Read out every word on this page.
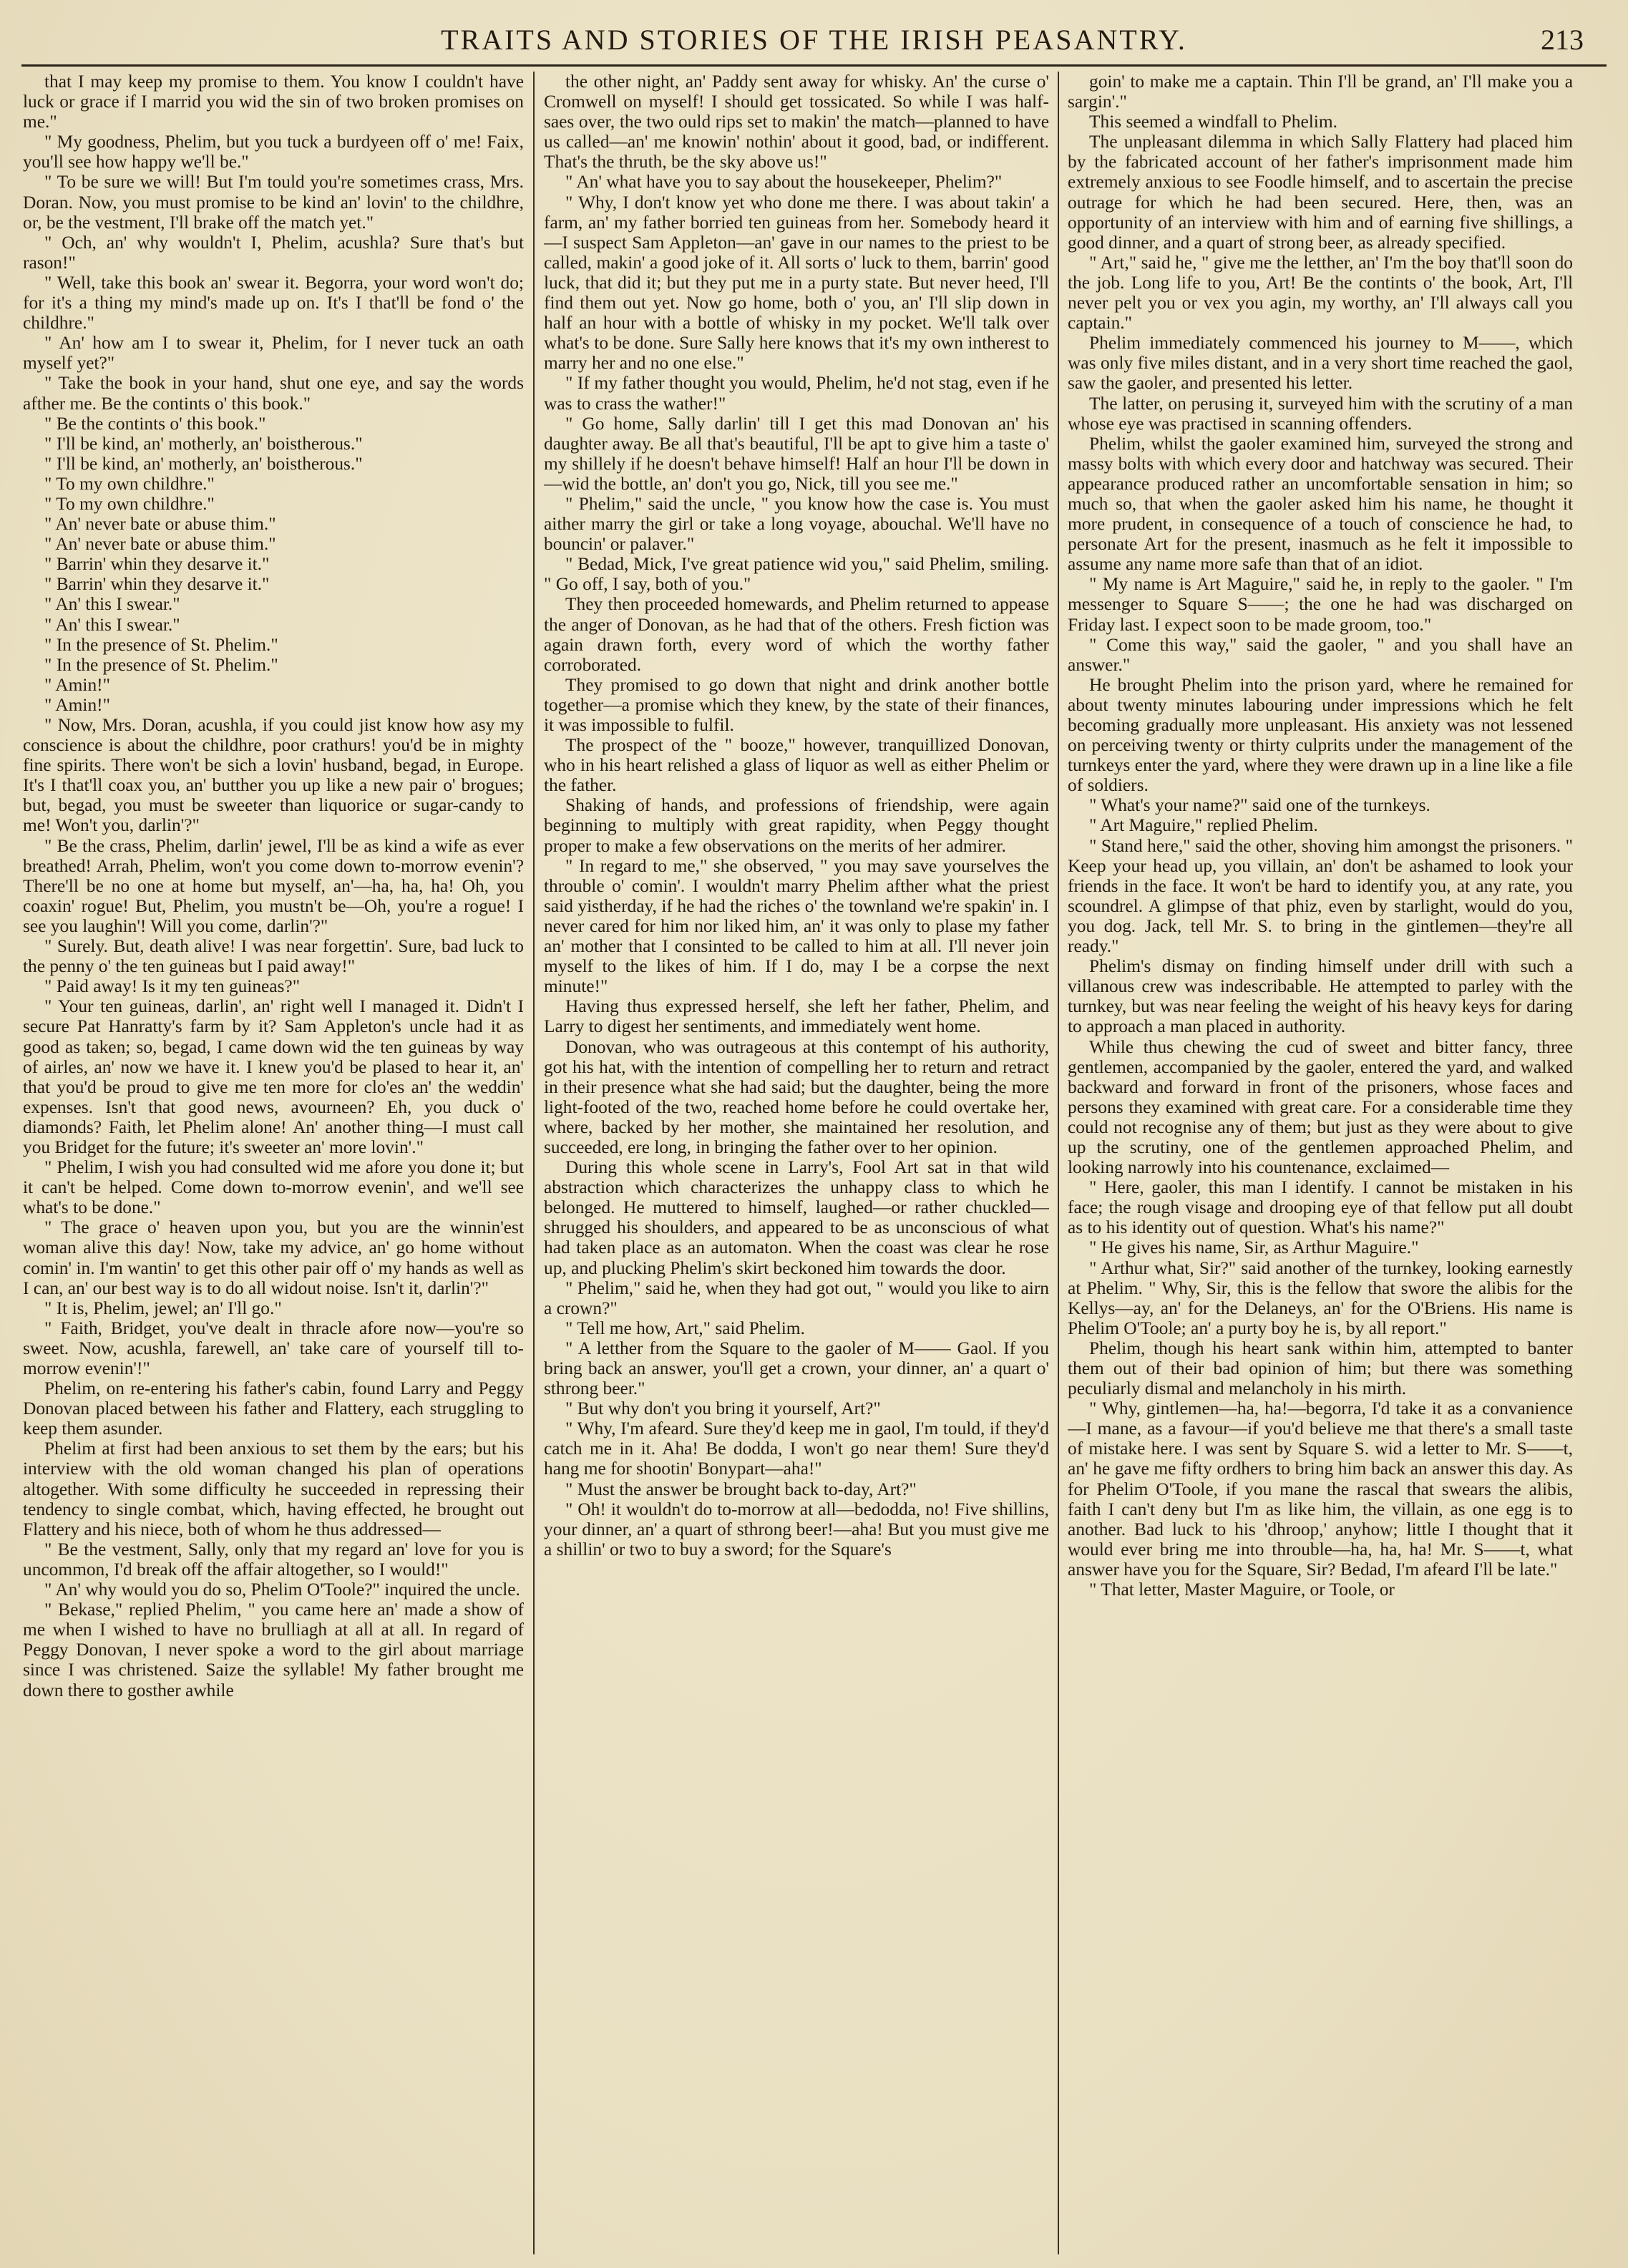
TRAITS AND STORIES OF THE IRISH PEASANTRY.	213

that I may keep my promise to them. You know I couldn't have luck or grace if I marrid you wid the sin of two broken promises on me."

" My goodness, Phelim, but you tuck a burdyeen off o' me! Faix, you'll see how happy we'll be."

" To be sure we will! But I'm tould you're sometimes crass, Mrs. Doran. Now, you must promise to be kind an' lovin' to the childhre, or, be the vestment, I'll brake off the match yet."

" Och, an' why wouldn't I, Phelim, acushla? Sure that's but rason!"

" Well, take this book an' swear it. Begorra, your word won't do; for it's a thing my mind's made up on. It's I that'll be fond o' the childhre."

" An' how am I to swear it, Phelim, for I never tuck an oath myself yet?"

" Take the book in your hand, shut one eye, and say the words afther me. Be the contints o' this book."

" Be the contints o' this book."

" I'll be kind, an' motherly, an' boistherous."

" I'll be kind, an' motherly, an' boistherous."

" To my own childhre."

" To my own childhre."

" An' never bate or abuse thim."

" An' never bate or abuse thim."

" Barrin' whin they desarve it."

" Barrin' whin they desarve it."

" An' this I swear."

" An' this I swear."

" In the presence of St. Phelim."

" In the presence of St. Phelim."

" Amin!"

" Amin!"

" Now, Mrs. Doran, acushla, if you could jist know how asy my conscience is about the childhre, poor crathurs! you'd be in mighty fine spirits. There won't be sich a lovin' husband, begad, in Europe. It's I that'll coax you, an' butther you up like a new pair o' brogues; but, begad, you must be sweeter than liquorice or sugar-candy to me! Won't you, darlin'?"

" Be the crass, Phelim, darlin' jewel, I'll be as kind a wife as ever breathed! Arrah, Phelim, won't you come down to-morrow evenin'? There'll be no one at home but myself, an'—ha, ha, ha! Oh, you coaxin' rogue! But, Phelim, you mustn't be—Oh, you're a rogue! I see you laughin'! Will you come, darlin'?"

" Surely. But, death alive! I was near forgettin'. Sure, bad luck to the penny o' the ten guineas but I paid away!"

" Paid away! Is it my ten guineas?"

" Your ten guineas, darlin', an' right well I managed it. Didn't I secure Pat Hanratty's farm by it? Sam Appleton's uncle had it as good as taken; so, begad, I came down wid the ten guineas by way of airles, an' now we have it. I knew you'd be plased to hear it, an' that you'd be proud to give me ten more for clo'es an' the weddin' expenses. Isn't that good news, avourneen? Eh, you duck o' diamonds? Faith, let Phelim alone! An' another thing—I must call you Bridget for the future; it's sweeter an' more lovin'."

" Phelim, I wish you had consulted wid me afore you done it; but it can't be helped. Come down to-morrow evenin', and we'll see what's to be done."

" The grace o' heaven upon you, but you are the winnin'est woman alive this day! Now, take my advice, an' go home without comin' in. I'm wantin' to get this other pair off o' my hands as well as I can, an' our best way is to do all widout noise. Isn't it, darlin'?"

" It is, Phelim, jewel; an' I'll go."

" Faith, Bridget, you've dealt in thracle afore now—you're so sweet. Now, acushla, farewell, an' take care of yourself till to-morrow evenin'!"

Phelim, on re-entering his father's cabin, found Larry and Peggy Donovan placed between his father and Flattery, each struggling to keep them asunder.

Phelim at first had been anxious to set them by the ears; but his interview with the old woman changed his plan of operations altogether. With some difficulty he succeeded in repressing their tendency to single combat, which, having effected, he brought out Flattery and his niece, both of whom he thus addressed—

" Be the vestment, Sally, only that my regard an' love for you is uncommon, I'd break off the affair altogether, so I would!"

" An' why would you do so, Phelim O'Toole?" inquired the uncle.

" Bekase," replied Phelim, " you came here an' made a show of me when I wished to have no brulliagh at all at all. In regard of Peggy Donovan, I never spoke a word to the girl about marriage since I was christened. Saize the syllable! My father brought me down there to gosther awhile

the other night, an' Paddy sent away for whisky. An' the curse o' Cromwell on myself! I should get tossicated. So while I was half-saes over, the two ould rips set to makin' the match—planned to have us called—an' me knowin' nothin' about it good, bad, or indifferent. That's the thruth, be the sky above us!"

" An' what have you to say about the housekeeper, Phelim?"

" Why, I don't know yet who done me there. I was about takin' a farm, an' my father borried ten guineas from her. Somebody heard it—I suspect Sam Appleton—an' gave in our names to the priest to be called, makin' a good joke of it. All sorts o' luck to them, barrin' good luck, that did it; but they put me in a purty state. But never heed, I'll find them out yet. Now go home, both o' you, an' I'll slip down in half an hour with a bottle of whisky in my pocket. We'll talk over what's to be done. Sure Sally here knows that it's my own intherest to marry her and no one else."

" If my father thought you would, Phelim, he'd not stag, even if he was to crass the wather!"

" Go home, Sally darlin' till I get this mad Donovan an' his daughter away. Be all that's beautiful, I'll be apt to give him a taste o' my shillely if he doesn't behave himself! Half an hour I'll be down in—wid the bottle, an' don't you go, Nick, till you see me."

" Phelim," said the uncle, " you know how the case is. You must aither marry the girl or take a long voyage, abouchal. We'll have no bouncin' or palaver."

" Bedad, Mick, I've great patience wid you," said Phelim, smiling. " Go off, I say, both of you."

They then proceeded homewards, and Phelim returned to appease the anger of Donovan, as he had that of the others. Fresh fiction was again drawn forth, every word of which the worthy father corroborated.

They promised to go down that night and drink another bottle together—a promise which they knew, by the state of their finances, it was impossible to fulfil.

The prospect of the " booze," however, tranquillized Donovan, who in his heart relished a glass of liquor as well as either Phelim or the father.

Shaking of hands, and professions of friendship, were again beginning to multiply with great rapidity, when Peggy thought proper to make a few observations on the merits of her admirer.

" In regard to me," she observed, " you may save yourselves the throuble o' comin'. I wouldn't marry Phelim afther what the priest said yistherday, if he had the riches o' the townland we're spakin' in. I never cared for him nor liked him, an' it was only to plase my father an' mother that I consinted to be called to him at all. I'll never join myself to the likes of him. If I do, may I be a corpse the next minute!"

Having thus expressed herself, she left her father, Phelim, and Larry to digest her sentiments, and immediately went home.

Donovan, who was outrageous at this contempt of his authority, got his hat, with the intention of compelling her to return and retract in their presence what she had said; but the daughter, being the more light-footed of the two, reached home before he could overtake her, where, backed by her mother, she maintained her resolution, and succeeded, ere long, in bringing the father over to her opinion.

During this whole scene in Larry's, Fool Art sat in that wild abstraction which characterizes the unhappy class to which he belonged. He muttered to himself, laughed—or rather chuckled—shrugged his shoulders, and appeared to be as unconscious of what had taken place as an automaton. When the coast was clear he rose up, and plucking Phelim's skirt beckoned him towards the door.

" Phelim," said he, when they had got out, " would you like to airn a crown?"

" Tell me how, Art," said Phelim.

" A letther from the Square to the gaoler of M—— Gaol. If you bring back an answer, you'll get a crown, your dinner, an' a quart o' sthrong beer."

" But why don't you bring it yourself, Art?"

" Why, I'm afeard. Sure they'd keep me in gaol, I'm tould, if they'd catch me in it. Aha! Be dodda, I won't go near them! Sure they'd hang me for shootin' Bonypart—aha!"

" Must the answer be brought back to-day, Art?"

" Oh! it wouldn't do to-morrow at all—bedodda, no! Five shillins, your dinner, an' a quart of sthrong beer!—aha! But you must give me a shillin' or two to buy a sword; for the Square's

goin' to make me a captain. Thin I'll be grand, an' I'll make you a sargin'."

This seemed a windfall to Phelim.

The unpleasant dilemma in which Sally Flattery had placed him by the fabricated account of her father's imprisonment made him extremely anxious to see Foodle himself, and to ascertain the precise outrage for which he had been secured. Here, then, was an opportunity of an interview with him and of earning five shillings, a good dinner, and a quart of strong beer, as already specified.

" Art," said he, " give me the letther, an' I'm the boy that'll soon do the job. Long life to you, Art! Be the contints o' the book, Art, I'll never pelt you or vex you agin, my worthy, an' I'll always call you captain."

Phelim immediately commenced his journey to M——, which was only five miles distant, and in a very short time reached the gaol, saw the gaoler, and presented his letter.

The latter, on perusing it, surveyed him with the scrutiny of a man whose eye was practised in scanning offenders.

Phelim, whilst the gaoler examined him, surveyed the strong and massy bolts with which every door and hatchway was secured. Their appearance produced rather an uncomfortable sensation in him; so much so, that when the gaoler asked him his name, he thought it more prudent, in consequence of a touch of conscience he had, to personate Art for the present, inasmuch as he felt it impossible to assume any name more safe than that of an idiot.

" My name is Art Maguire," said he, in reply to the gaoler. " I'm messenger to Square S——; the one he had was discharged on Friday last. I expect soon to be made groom, too."

" Come this way," said the gaoler, " and you shall have an answer."

He brought Phelim into the prison yard, where he remained for about twenty minutes labouring under impressions which he felt becoming gradually more unpleasant. His anxiety was not lessened on perceiving twenty or thirty culprits under the management of the turnkeys enter the yard, where they were drawn up in a line like a file of soldiers.

" What's your name?" said one of the turnkeys.

" Art Maguire," replied Phelim.

" Stand here," said the other, shoving him amongst the prisoners. " Keep your head up, you villain, an' don't be ashamed to look your friends in the face. It won't be hard to identify you, at any rate, you scoundrel. A glimpse of that phiz, even by starlight, would do you, you dog. Jack, tell Mr. S. to bring in the gintlemen—they're all ready."

Phelim's dismay on finding himself under drill with such a villanous crew was indescribable. He attempted to parley with the turnkey, but was near feeling the weight of his heavy keys for daring to approach a man placed in authority.

While thus chewing the cud of sweet and bitter fancy, three gentlemen, accompanied by the gaoler, entered the yard, and walked backward and forward in front of the prisoners, whose faces and persons they examined with great care. For a considerable time they could not recognise any of them; but just as they were about to give up the scrutiny, one of the gentlemen approached Phelim, and looking narrowly into his countenance, exclaimed—

" Here, gaoler, this man I identify. I cannot be mistaken in his face; the rough visage and drooping eye of that fellow put all doubt as to his identity out of question. What's his name?"

" He gives his name, Sir, as Arthur Maguire."

" Arthur what, Sir?" said another of the turnkey, looking earnestly at Phelim. " Why, Sir, this is the fellow that swore the alibis for the Kellys—ay, an' for the Delaneys, an' for the O'Briens. His name is Phelim O'Toole; an' a purty boy he is, by all report."

Phelim, though his heart sank within him, attempted to banter them out of their bad opinion of him; but there was something peculiarly dismal and melancholy in his mirth.

" Why, gintlemen—ha, ha!—begorra, I'd take it as a convanience—I mane, as a favour—if you'd believe me that there's a small taste of mistake here. I was sent by Square S. wid a letter to Mr. S——t, an' he gave me fifty ordhers to bring him back an answer this day. As for Phelim O'Toole, if you mane the rascal that swears the alibis, faith I can't deny but I'm as like him, the villain, as one egg is to another. Bad luck to his 'dhroop,' anyhow; little I thought that it would ever bring me into throuble—ha, ha, ha! Mr. S——t, what answer have you for the Square, Sir? Bedad, I'm afeard I'll be late."

" That letter, Master Maguire, or Toole, or
